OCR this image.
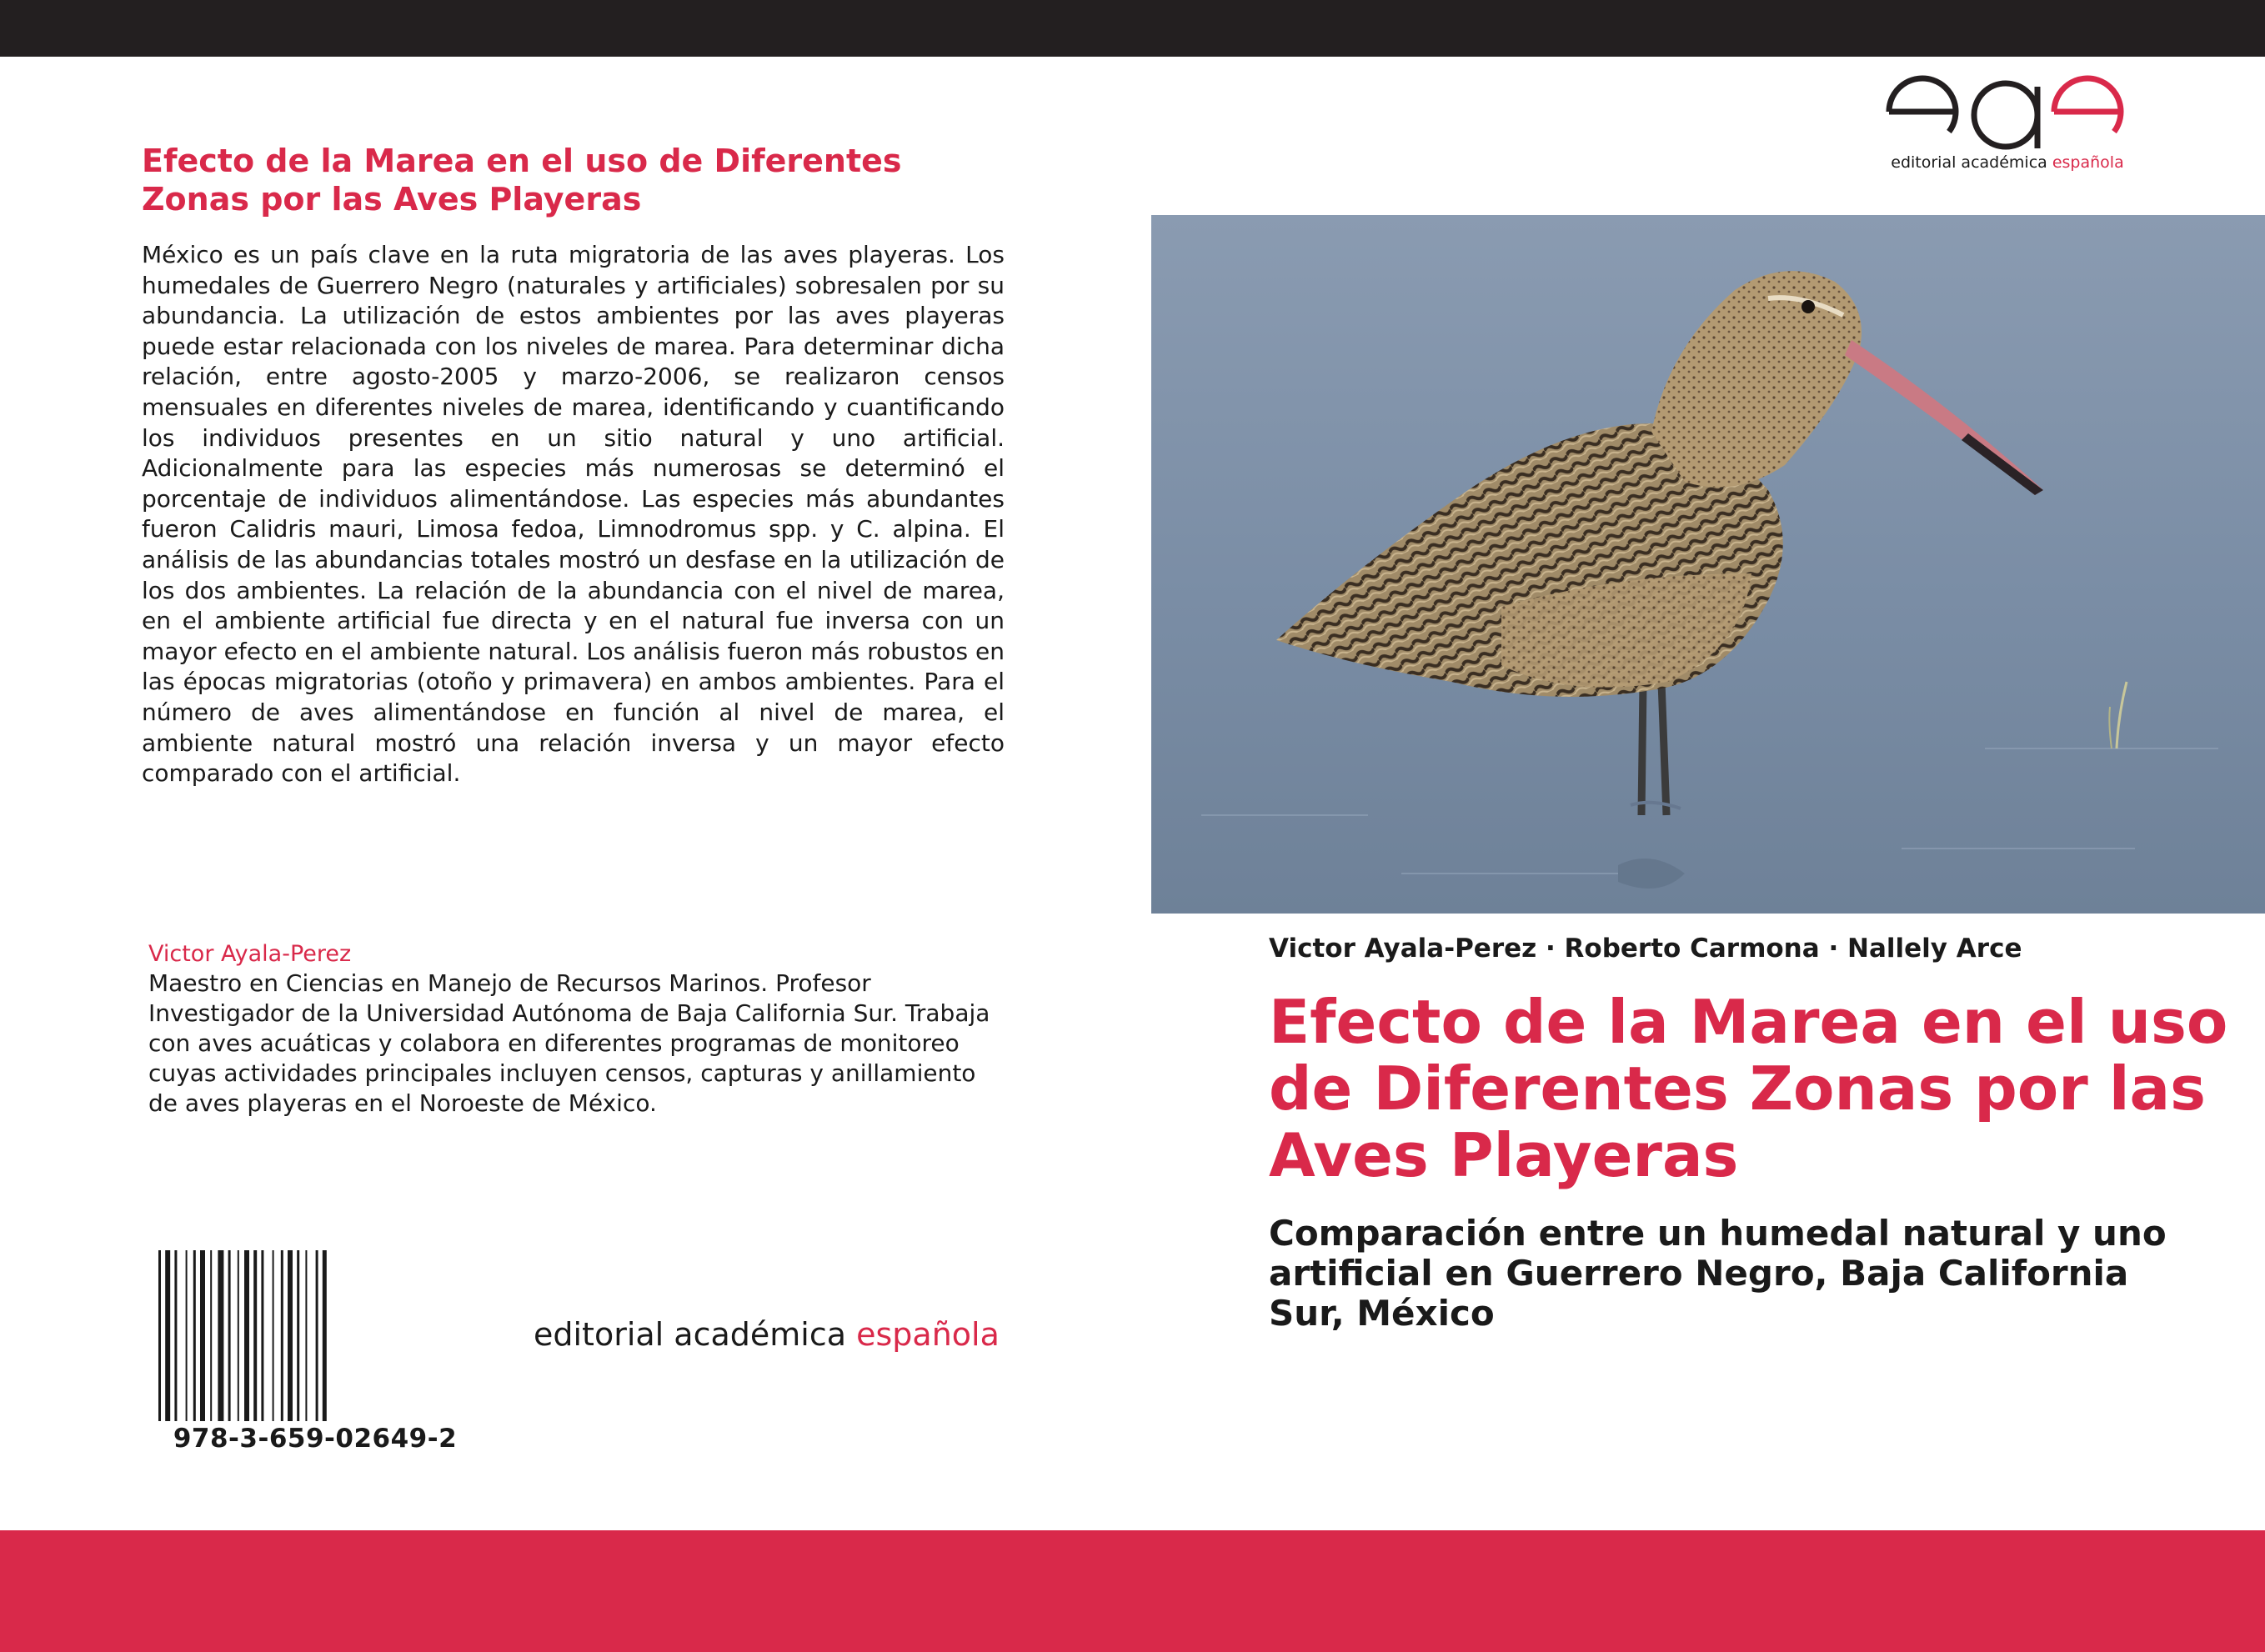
Efecto de la Marea en el uso de Diferentes Zonas por las Aves Playeras
México es un país clave en la ruta migratoria de las aves playeras. Los humedales de Guerrero Negro (naturales y artificiales) sobresalen por su abundancia. La utilización de estos ambientes por las aves playeras puede estar relacionada con los niveles de marea. Para determinar dicha relación, entre agosto-2005 y marzo-2006, se realizaron censos mensuales en diferentes niveles de marea, identificando y cuantificando los individuos presentes en un sitio natural y uno artificial. Adicionalmente para las especies más numerosas se determinó el porcentaje de individuos alimentándose. Las especies más abundantes fueron Calidris mauri, Limosa fedoa, Limnodromus spp. y C. alpina. El análisis de las abundancias totales mostró un desfase en la utilización de los dos ambientes. La relación de la abundancia con el nivel de marea, en el ambiente artificial fue directa y en el natural fue inversa con un mayor efecto en el ambiente natural. Los análisis fueron más robustos en las épocas migratorias (otoño y primavera) en ambos ambientes. Para el número de aves alimentándose en función al nivel de marea, el ambiente natural mostró una relación inversa y un mayor efecto comparado con el artificial.
Victor Ayala-Perez
Maestro en Ciencias en Manejo de Recursos Marinos. Profesor Investigador de la Universidad Autónoma de Baja California Sur. Trabaja con aves acuáticas y colabora en diferentes programas de monitoreo cuyas actividades principales incluyen censos, capturas y anillamiento de aves playeras en el Noroeste de México.
978-3-659-02649-2
editorial académica española
editorial académica española
Victor Ayala-Perez · Roberto Carmona · Nallely Arce
Efecto de la Marea en el uso de Diferentes Zonas por las Aves Playeras
Comparación entre un humedal natural y uno artificial en Guerrero Negro, Baja California Sur, México
